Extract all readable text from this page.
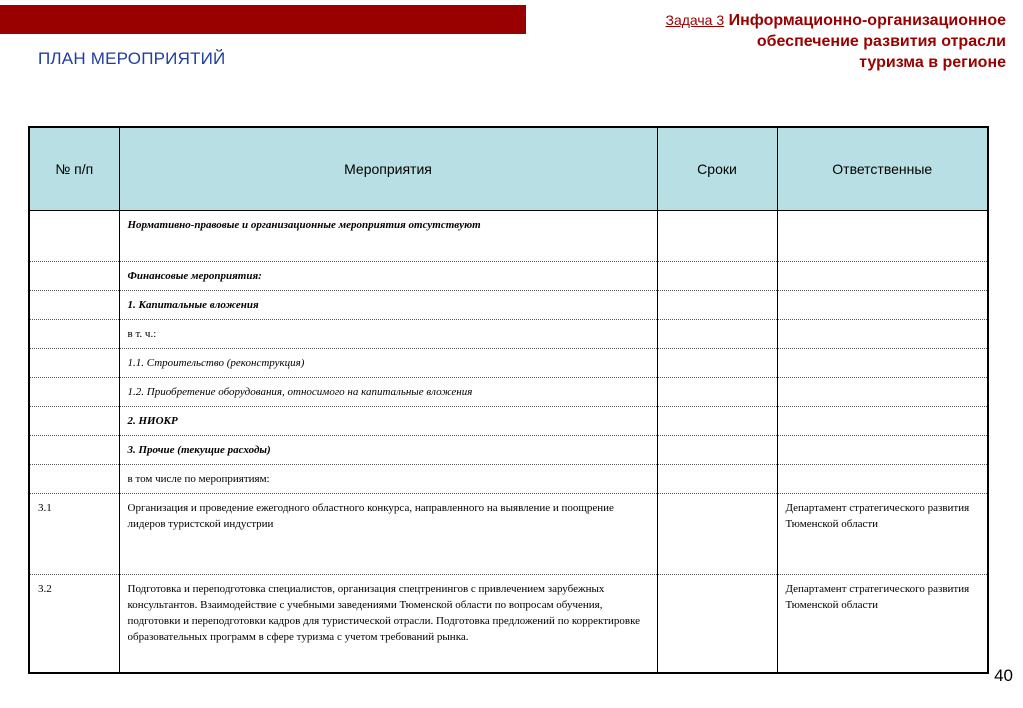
ПЛАН МЕРОПРИЯТИЙ
Задача 3 Информационно-организационное
обеспечение развития отрасли
туризма в регионе
№ п/п	Мероприятия	Сроки	Ответственные
	Нормативно-правовые и организационные мероприятия отсутствуют		
	Финансовые мероприятия:		
	1. Капитальные вложения		
	в т. ч.:		
	1.1. Строительство (реконструкция)		
	1.2. Приобретение оборудования, относимого на капитальные вложения		
	2. НИОКР		
	3. Прочие (текущие расходы)		
	в том числе по мероприятиям:		
3.1	Организация и проведение ежегодного областного конкурса, направленного на выявление и поощрение лидеров туристской индустрии		Департамент стратегического развития Тюменской области
3.2	Подготовка и переподготовка специалистов, организация спецтренингов с привлечением зарубежных консультантов. Взаимодействие с учебными заведениями Тюменской области по вопросам обучения, подготовки и переподготовки кадров для туристической отрасли. Подготовка предложений по корректировке образовательных программ в сфере туризма с учетом требований рынка.		Департамент стратегического развития Тюменской области
40
